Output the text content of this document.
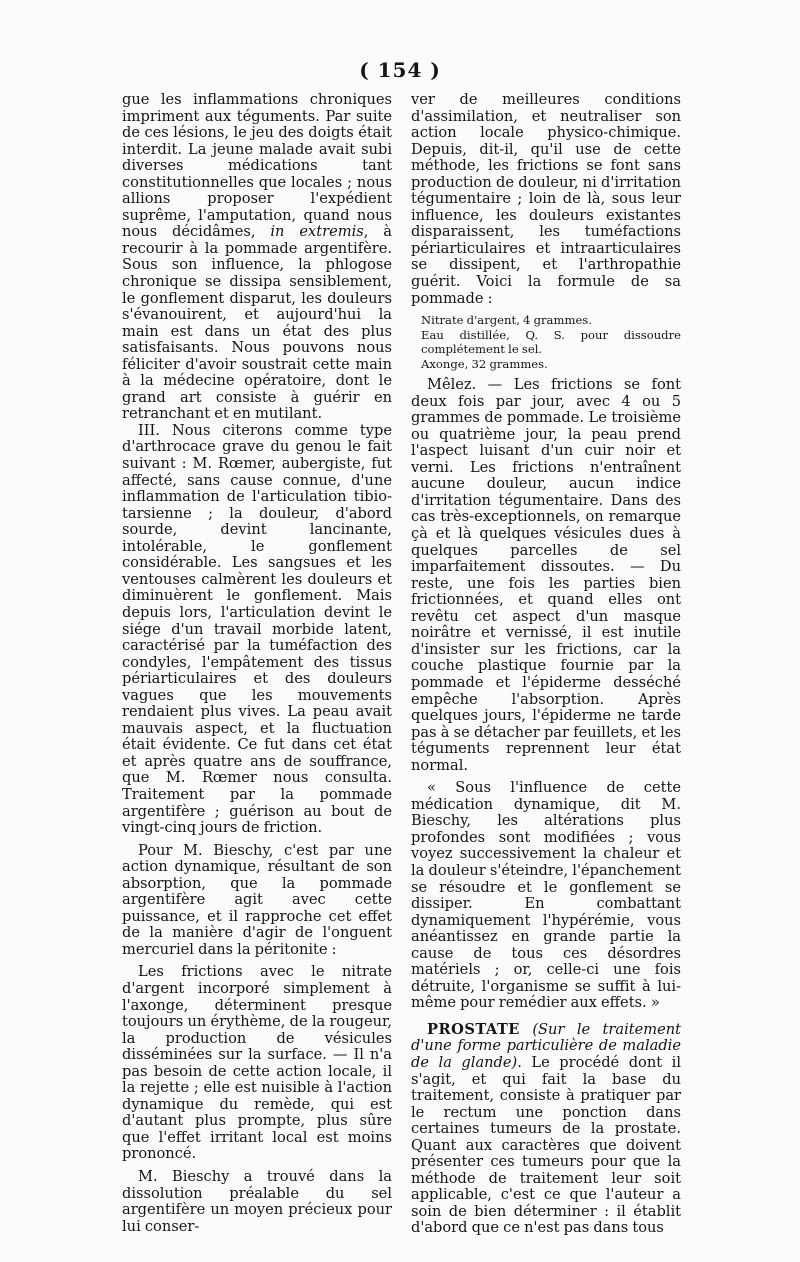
( 154 )

gue les inflammations chroniques impriment aux téguments. Par suite de ces lésions, le jeu des doigts était interdit. La jeune malade avait subi diverses médications tant constitutionnelles que locales ; nous allions proposer l'expédient suprême, l'amputation, quand nous nous décidâmes, in extremis, à recourir à la pommade argentifère. Sous son influence, la phlogose chronique se dissipa sensiblement, le gonflement disparut, les douleurs s'évanouirent, et aujourd'hui la main est dans un état des plus satisfaisants. Nous pouvons nous féliciter d'avoir soustrait cette main à la médecine opératoire, dont le grand art consiste à guérir en retranchant et en mutilant.

III. Nous citerons comme type d'arthrocace grave du genou le fait suivant : M. Rœmer, aubergiste, fut affecté, sans cause connue, d'une inflammation de l'articulation tibio-tarsienne ; la douleur, d'abord sourde, devint lancinante, intolérable, le gonflement considérable. Les sangsues et les ventouses calmèrent les douleurs et diminuèrent le gonflement. Mais depuis lors, l'articulation devint le siége d'un travail morbide latent, caractérisé par la tuméfaction des condyles, l'empâtement des tissus périarticulaires et des douleurs vagues que les mouvements rendaient plus vives. La peau avait mauvais aspect, et la fluctuation était évidente. Ce fut dans cet état et après quatre ans de souffrance, que M. Rœmer nous consulta. Traitement par la pommade argentifère ; guérison au bout de vingt-cinq jours de friction.

Pour M. Bieschy, c'est par une action dynamique, résultant de son absorption, que la pommade argentifère agit avec cette puissance, et il rapproche cet effet de la manière d'agir de l'onguent mercuriel dans la péritonite :

Les frictions avec le nitrate d'argent incorporé simplement à l'axonge, déterminent presque toujours un érythème, de la rougeur, la production de vésicules disséminées sur la surface. — Il n'a pas besoin de cette action locale, il la rejette ; elle est nuisible à l'action dynamique du remède, qui est d'autant plus prompte, plus sûre que l'effet irritant local est moins prononcé.

M. Bieschy a trouvé dans la dissolution préalable du sel argentifère un moyen précieux pour lui conser-

ver de meilleures conditions d'assimilation, et neutraliser son action locale physico-chimique. Depuis, dit-il, qu'il use de cette méthode, les frictions se font sans production de douleur, ni d'irritation tégumentaire ; loin de là, sous leur influence, les douleurs existantes disparaissent, les tuméfactions périarticulaires et intraarticulaires se dissipent, et l'arthropathie guérit. Voici la formule de sa pommade :

Nitrate d'argent, 4 grammes.
Eau distillée, Q. S. pour dissoudre complétement le sel.
Axonge, 32 grammes.

Mêlez. — Les frictions se font deux fois par jour, avec 4 ou 5 grammes de pommade. Le troisième ou quatrième jour, la peau prend l'aspect luisant d'un cuir noir et verni. Les frictions n'entraînent aucune douleur, aucun indice d'irritation tégumentaire. Dans des cas très-exceptionnels, on remarque çà et là quelques vésicules dues à quelques parcelles de sel imparfaitement dissoutes. — Du reste, une fois les parties bien frictionnées, et quand elles ont revêtu cet aspect d'un masque noirâtre et vernissé, il est inutile d'insister sur les frictions, car la couche plastique fournie par la pommade et l'épiderme desséché empêche l'absorption. Après quelques jours, l'épiderme ne tarde pas à se détacher par feuillets, et les téguments reprennent leur état normal.

« Sous l'influence de cette médication dynamique, dit M. Bieschy, les altérations plus profondes sont modifiées ; vous voyez successivement la chaleur et la douleur s'éteindre, l'épanchement se résoudre et le gonflement se dissiper. En combattant dynamiquement l'hypérémie, vous anéantissez en grande partie la cause de tous ces désordres matériels ; or, celle-ci une fois détruite, l'organisme se suffit à lui-même pour remédier aux effets. »

PROSTATE (Sur le traitement d'une forme particulière de maladie de la glande). Le procédé dont il s'agit, et qui fait la base du traitement, consiste à pratiquer par le rectum une ponction dans certaines tumeurs de la prostate. Quant aux caractères que doivent présenter ces tumeurs pour que la méthode de traitement leur soit applicable, c'est ce que l'auteur a soin de bien déterminer : il établit d'abord que ce n'est pas dans tous
